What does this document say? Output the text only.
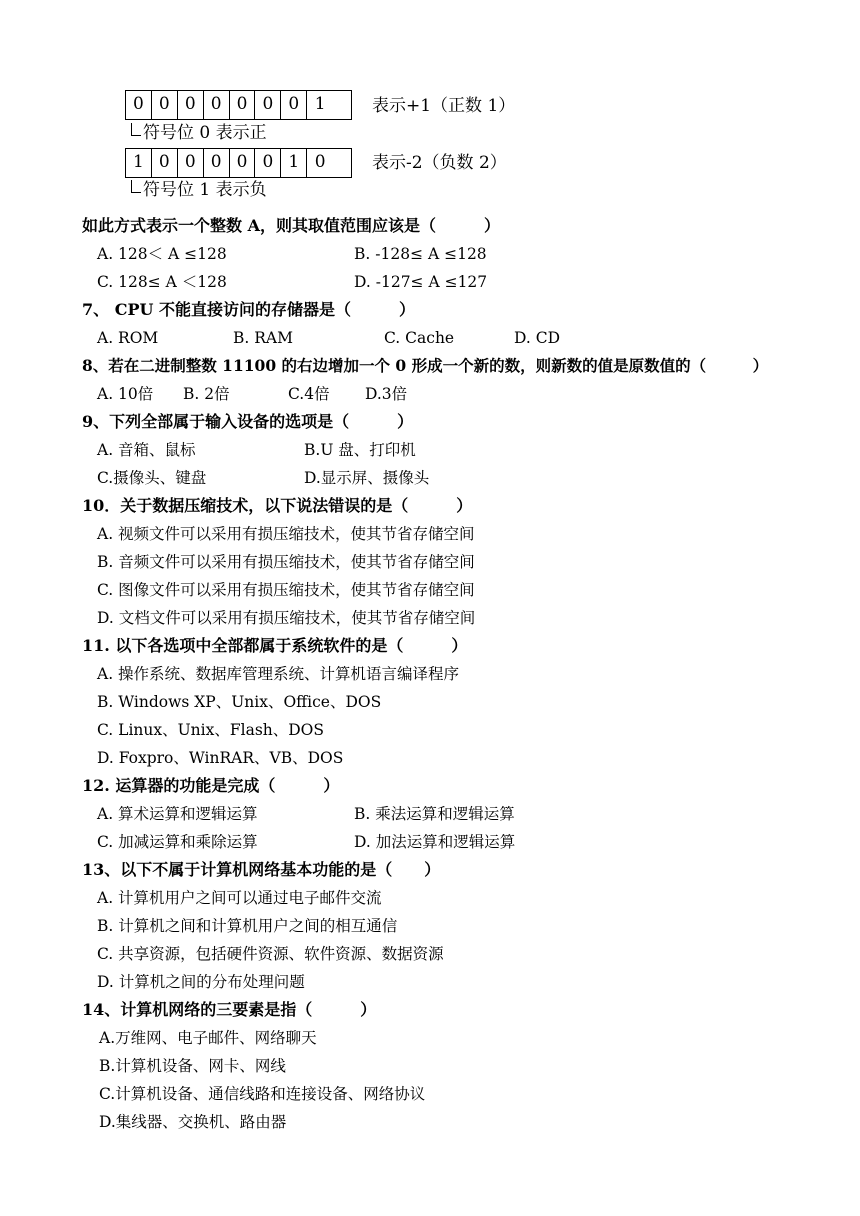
0 0 0 0 0 0 0 1	表示+1（正数 1）
符号位 0 表示正
1 0 0 0 0 0 1 0	表示-2（负数 2）
符号位 1 表示负
如此方式表示一个整数 A，则其取值范围应该是（　　　）
A. 128＜ A ≤128	B. -128≤ A ≤128
C. 128≤ A ＜128	D. -127≤ A ≤127
7、 CPU 不能直接访问的存储器是（　　　）
A. ROM	B. RAM	C. Cache	D. CD
8、若在二进制整数 11100 的右边增加一个 0 形成一个新的数，则新数的值是原数值的（　　　）
A. 10倍 B. 2倍	C.4倍 D.3倍
9、下列全部属于输入设备的选项是（　　　）
A. 音箱、鼠标	B.U 盘、打印机
C.摄像头、键盘	D.显示屏、摄像头
10．关于数据压缩技术，以下说法错误的是（　　　）
A. 视频文件可以采用有损压缩技术，使其节省存储空间
B. 音频文件可以采用有损压缩技术，使其节省存储空间
C. 图像文件可以采用有损压缩技术，使其节省存储空间
D. 文档文件可以采用有损压缩技术，使其节省存储空间
11. 以下各选项中全部都属于系统软件的是（　　　）
A. 操作系统、数据库管理系统、计算机语言编译程序
B. Windows XP、Unix、Office、DOS
C. Linux、Unix、Flash、DOS
D. Foxpro、WinRAR、VB、DOS
12. 运算器的功能是完成（　　　）
A. 算术运算和逻辑运算	B. 乘法运算和逻辑运算
C. 加减运算和乘除运算	D. 加法运算和逻辑运算
13、以下不属于计算机网络基本功能的是（　　）
A. 计算机用户之间可以通过电子邮件交流
B. 计算机之间和计算机用户之间的相互通信
C. 共享资源，包括硬件资源、软件资源、数据资源
D. 计算机之间的分布处理问题
14、计算机网络的三要素是指（　　　）
A.万维网、电子邮件、网络聊天
B.计算机设备、网卡、网线
C.计算机设备、通信线路和连接设备、网络协议
D.集线器、交换机、路由器
